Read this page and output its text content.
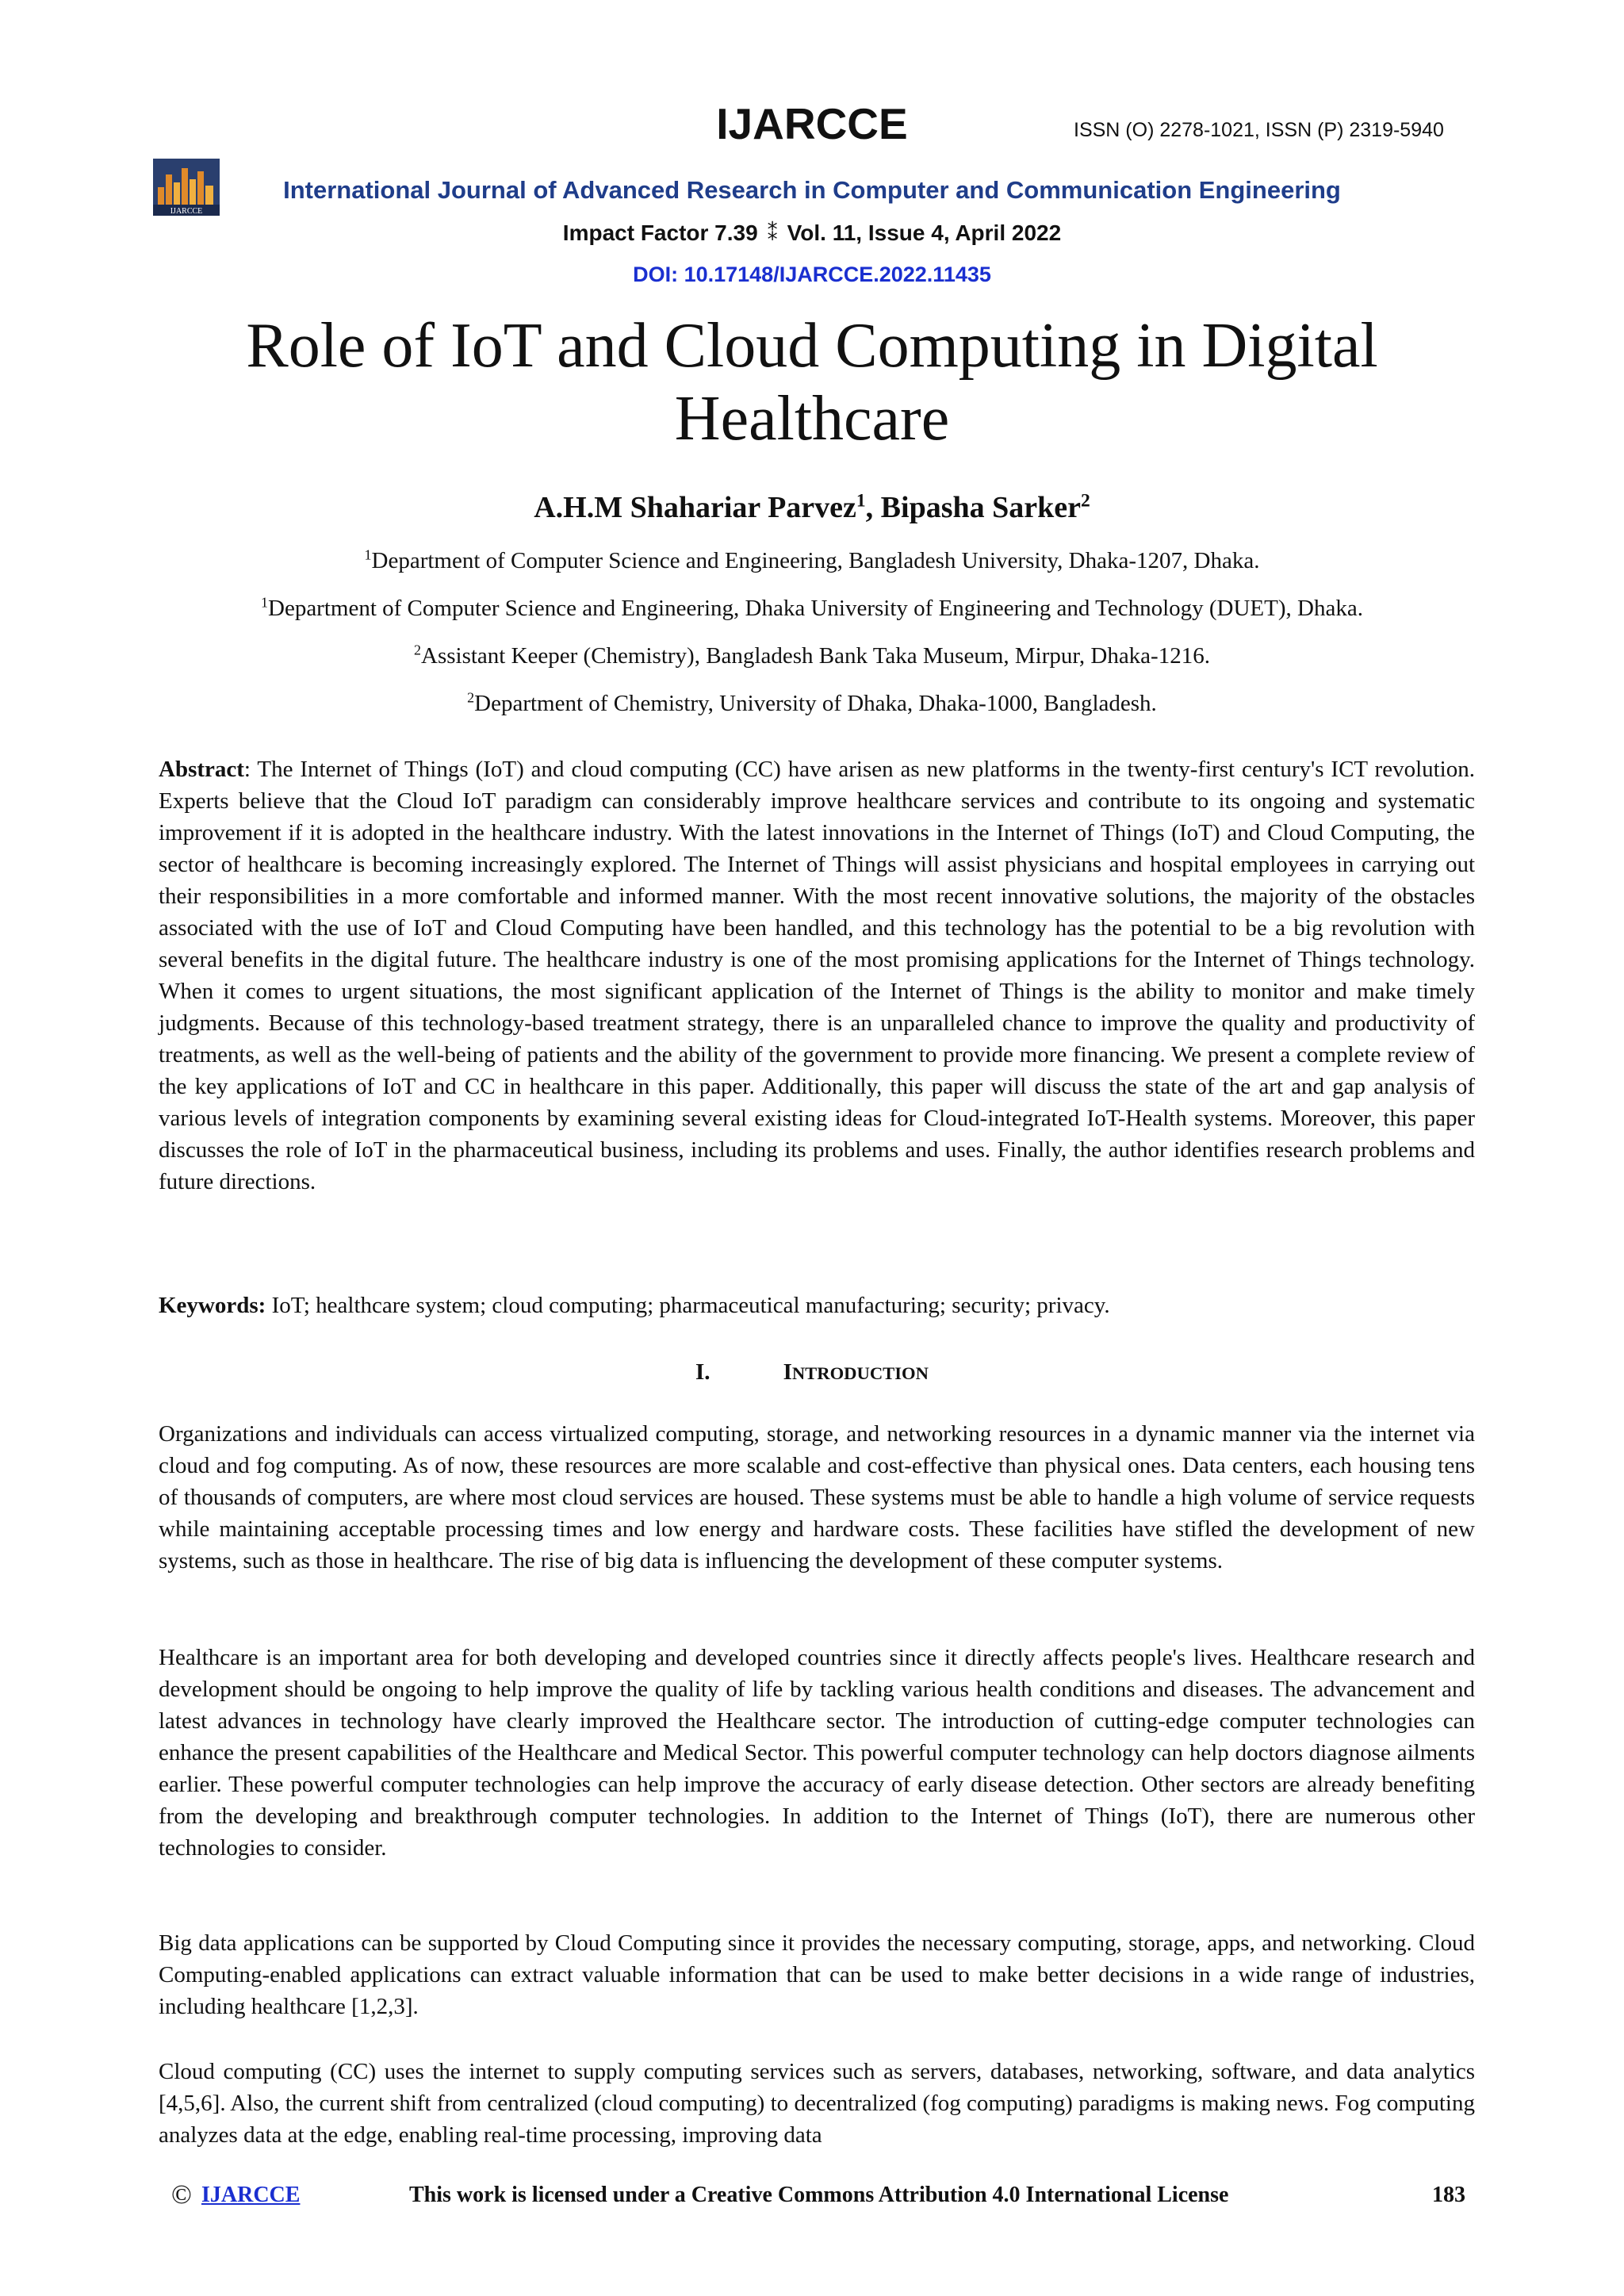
IJARCCE	ISSN (O) 2278-1021, ISSN (P) 2319-5940
IJARCCE
International Journal of Advanced Research in Computer and Communication Engineering
Impact Factor 7.39 ⁑ Vol. 11, Issue 4, April 2022
DOI: 10.17148/IJARCCE.2022.11435
Role of IoT and Cloud Computing in Digital Healthcare
A.H.M Shahariar Parvez$^1$, Bipasha Sarker$^2$
$^1$Department of Computer Science and Engineering, Bangladesh University, Dhaka-1207, Dhaka.
$^1$Department of Computer Science and Engineering, Dhaka University of Engineering and Technology (DUET), Dhaka.
$^2$Assistant Keeper (Chemistry), Bangladesh Bank Taka Museum, Mirpur, Dhaka-1216.
$^2$Department of Chemistry, University of Dhaka, Dhaka-1000, Bangladesh.
Abstract: The Internet of Things (IoT) and cloud computing (CC) have arisen as new platforms in the twenty-first century's ICT revolution. Experts believe that the Cloud IoT paradigm can considerably improve healthcare services and contribute to its ongoing and systematic improvement if it is adopted in the healthcare industry. With the latest innovations in the Internet of Things (IoT) and Cloud Computing, the sector of healthcare is becoming increasingly explored. The Internet of Things will assist physicians and hospital employees in carrying out their responsibilities in a more comfortable and informed manner. With the most recent innovative solutions, the majority of the obstacles associated with the use of IoT and Cloud Computing have been handled, and this technology has the potential to be a big revolution with several benefits in the digital future. The healthcare industry is one of the most promising applications for the Internet of Things technology. When it comes to urgent situations, the most significant application of the Internet of Things is the ability to monitor and make timely judgments. Because of this technology-based treatment strategy, there is an unparalleled chance to improve the quality and productivity of treatments, as well as the well-being of patients and the ability of the government to provide more financing. We present a complete review of the key applications of IoT and CC in healthcare in this paper. Additionally, this paper will discuss the state of the art and gap analysis of various levels of integration components by examining several existing ideas for Cloud-integrated IoT-Health systems. Moreover, this paper discusses the role of IoT in the pharmaceutical business, including its problems and uses. Finally, the author identifies research problems and future directions.
Keywords: IoT; healthcare system; cloud computing; pharmaceutical manufacturing; security; privacy.
I.	INTRODUCTION
Organizations and individuals can access virtualized computing, storage, and networking resources in a dynamic manner via the internet via cloud and fog computing. As of now, these resources are more scalable and cost-effective than physical ones. Data centers, each housing tens of thousands of computers, are where most cloud services are housed. These systems must be able to handle a high volume of service requests while maintaining acceptable processing times and low energy and hardware costs. These facilities have stifled the development of new systems, such as those in healthcare. The rise of big data is influencing the development of these computer systems.
Healthcare is an important area for both developing and developed countries since it directly affects people's lives. Healthcare research and development should be ongoing to help improve the quality of life by tackling various health conditions and diseases. The advancement and latest advances in technology have clearly improved the Healthcare sector. The introduction of cutting-edge computer technologies can enhance the present capabilities of the Healthcare and Medical Sector. This powerful computer technology can help doctors diagnose ailments earlier. These powerful computer technologies can help improve the accuracy of early disease detection. Other sectors are already benefiting from the developing and breakthrough computer technologies. In addition to the Internet of Things (IoT), there are numerous other technologies to consider.
Big data applications can be supported by Cloud Computing since it provides the necessary computing, storage, apps, and networking. Cloud Computing-enabled applications can extract valuable information that can be used to make better decisions in a wide range of industries, including healthcare [1,2,3].
Cloud computing (CC) uses the internet to supply computing services such as servers, databases, networking, software, and data analytics [4,5,6]. Also, the current shift from centralized (cloud computing) to decentralized (fog computing) paradigms is making news. Fog computing analyzes data at the edge, enabling real-time processing, improving data
© IJARCCE	This work is licensed under a Creative Commons Attribution 4.0 International License	183
